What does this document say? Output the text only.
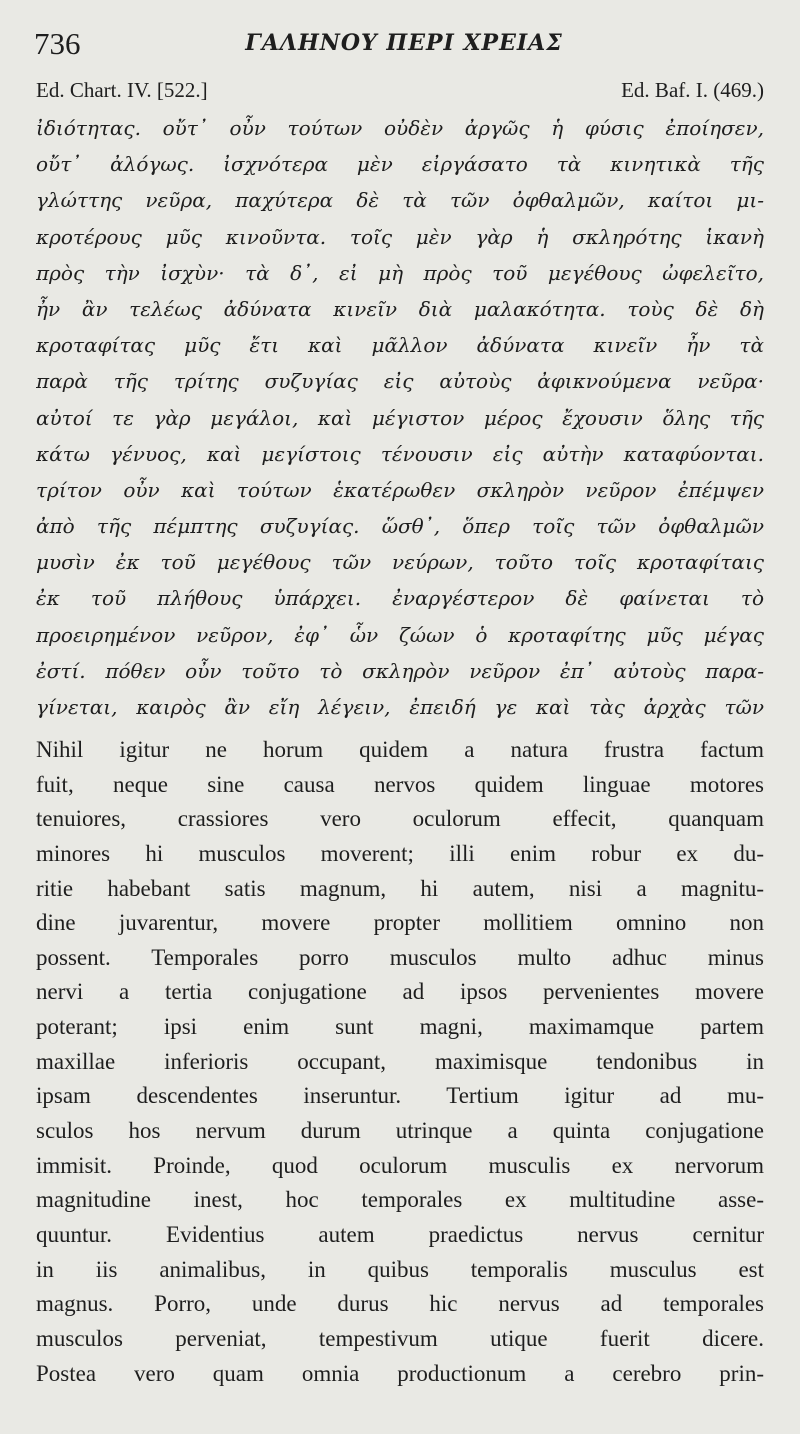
736	ΓΑΛΗΝΟΥ ΠΕΡΙ ΧΡΕΙΑΣ
Ed. Chart. IV. [522.]	Ed. Baf. I. (469.)
ἰδιότητας. οὔτ᾽ οὖν τούτων οὐδὲν ἀργῶς ἡ φύσις ἐποίησεν,
οὔτ᾽ ἀλόγως. ἰσχνότερα μὲν εἰργάσατο τὰ κινητικὰ τῆς
γλώττης νεῦρα, παχύτερα δὲ τὰ τῶν ὀφθαλμῶν, καίτοι μι-
κροτέρους μῦς κινοῦντα. τοῖς μὲν γὰρ ἡ σκληρότης ἱκανὴ
πρὸς τὴν ἰσχὺν· τὰ δ᾽, εἰ μὴ πρὸς τοῦ μεγέθους ὠφελεῖτο,
ἦν ἂν τελέως ἀδύνατα κινεῖν διὰ μαλακότητα. τοὺς δὲ δὴ
κροταφίτας μῦς ἔτι καὶ μᾶλλον ἀδύνατα κινεῖν ἦν τὰ
παρὰ τῆς τρίτης συζυγίας εἰς αὐτοὺς ἀφικνούμενα νεῦρα·
αὐτοί τε γὰρ μεγάλοι, καὶ μέγιστον μέρος ἔχουσιν ὅλης τῆς
κάτω γένυος, καὶ μεγίστοις τένουσιν εἰς αὐτὴν καταφύονται.
τρίτον οὖν καὶ τούτων ἑκατέρωθεν σκληρὸν νεῦρον ἐπέμψεν
ἀπὸ τῆς πέμπτης συζυγίας. ὥσθ᾽, ὅπερ τοῖς τῶν ὀφθαλμῶν
μυσὶν ἐκ τοῦ μεγέθους τῶν νεύρων, τοῦτο τοῖς κροταφίταις
ἐκ τοῦ πλήθους ὑπάρχει. ἐναργέστερον δὲ φαίνεται τὸ
προειρημένον νεῦρον, ἐφ᾽ ὧν ζώων ὁ κροταφίτης μῦς μέγας
ἐστί. πόθεν οὖν τοῦτο τὸ σκληρὸν νεῦρον ἐπ᾽ αὐτοὺς παρα-
γίνεται, καιρὸς ἂν εἴη λέγειν, ἐπειδή γε καὶ τὰς ἀρχὰς τῶν
Nihil igitur ne horum quidem a natura frustra factum
fuit, neque sine causa nervos quidem linguae motores
tenuiores, crassiores vero oculorum effecit, quanquam
minores hi musculos moverent; illi enim robur ex du-
ritie habebant satis magnum, hi autem, nisi a magnitu-
dine juvarentur, movere propter mollitiem omnino non
possent. Temporales porro musculos multo adhuc minus
nervi a tertia conjugatione ad ipsos pervenientes movere
poterant; ipsi enim sunt magni, maximamque partem
maxillae inferioris occupant, maximisque tendonibus in
ipsam descendentes inseruntur. Tertium igitur ad mu-
sculos hos nervum durum utrinque a quinta conjugatione
immisit. Proinde, quod oculorum musculis ex nervorum
magnitudine inest, hoc temporales ex multitudine asse-
quuntur. Evidentius autem praedictus nervus cernitur
in iis animalibus, in quibus temporalis musculus est
magnus. Porro, unde durus hic nervus ad temporales
musculos perveniat, tempestivum utique fuerit dicere.
Postea vero quam omnia productionum a cerebro prin-
